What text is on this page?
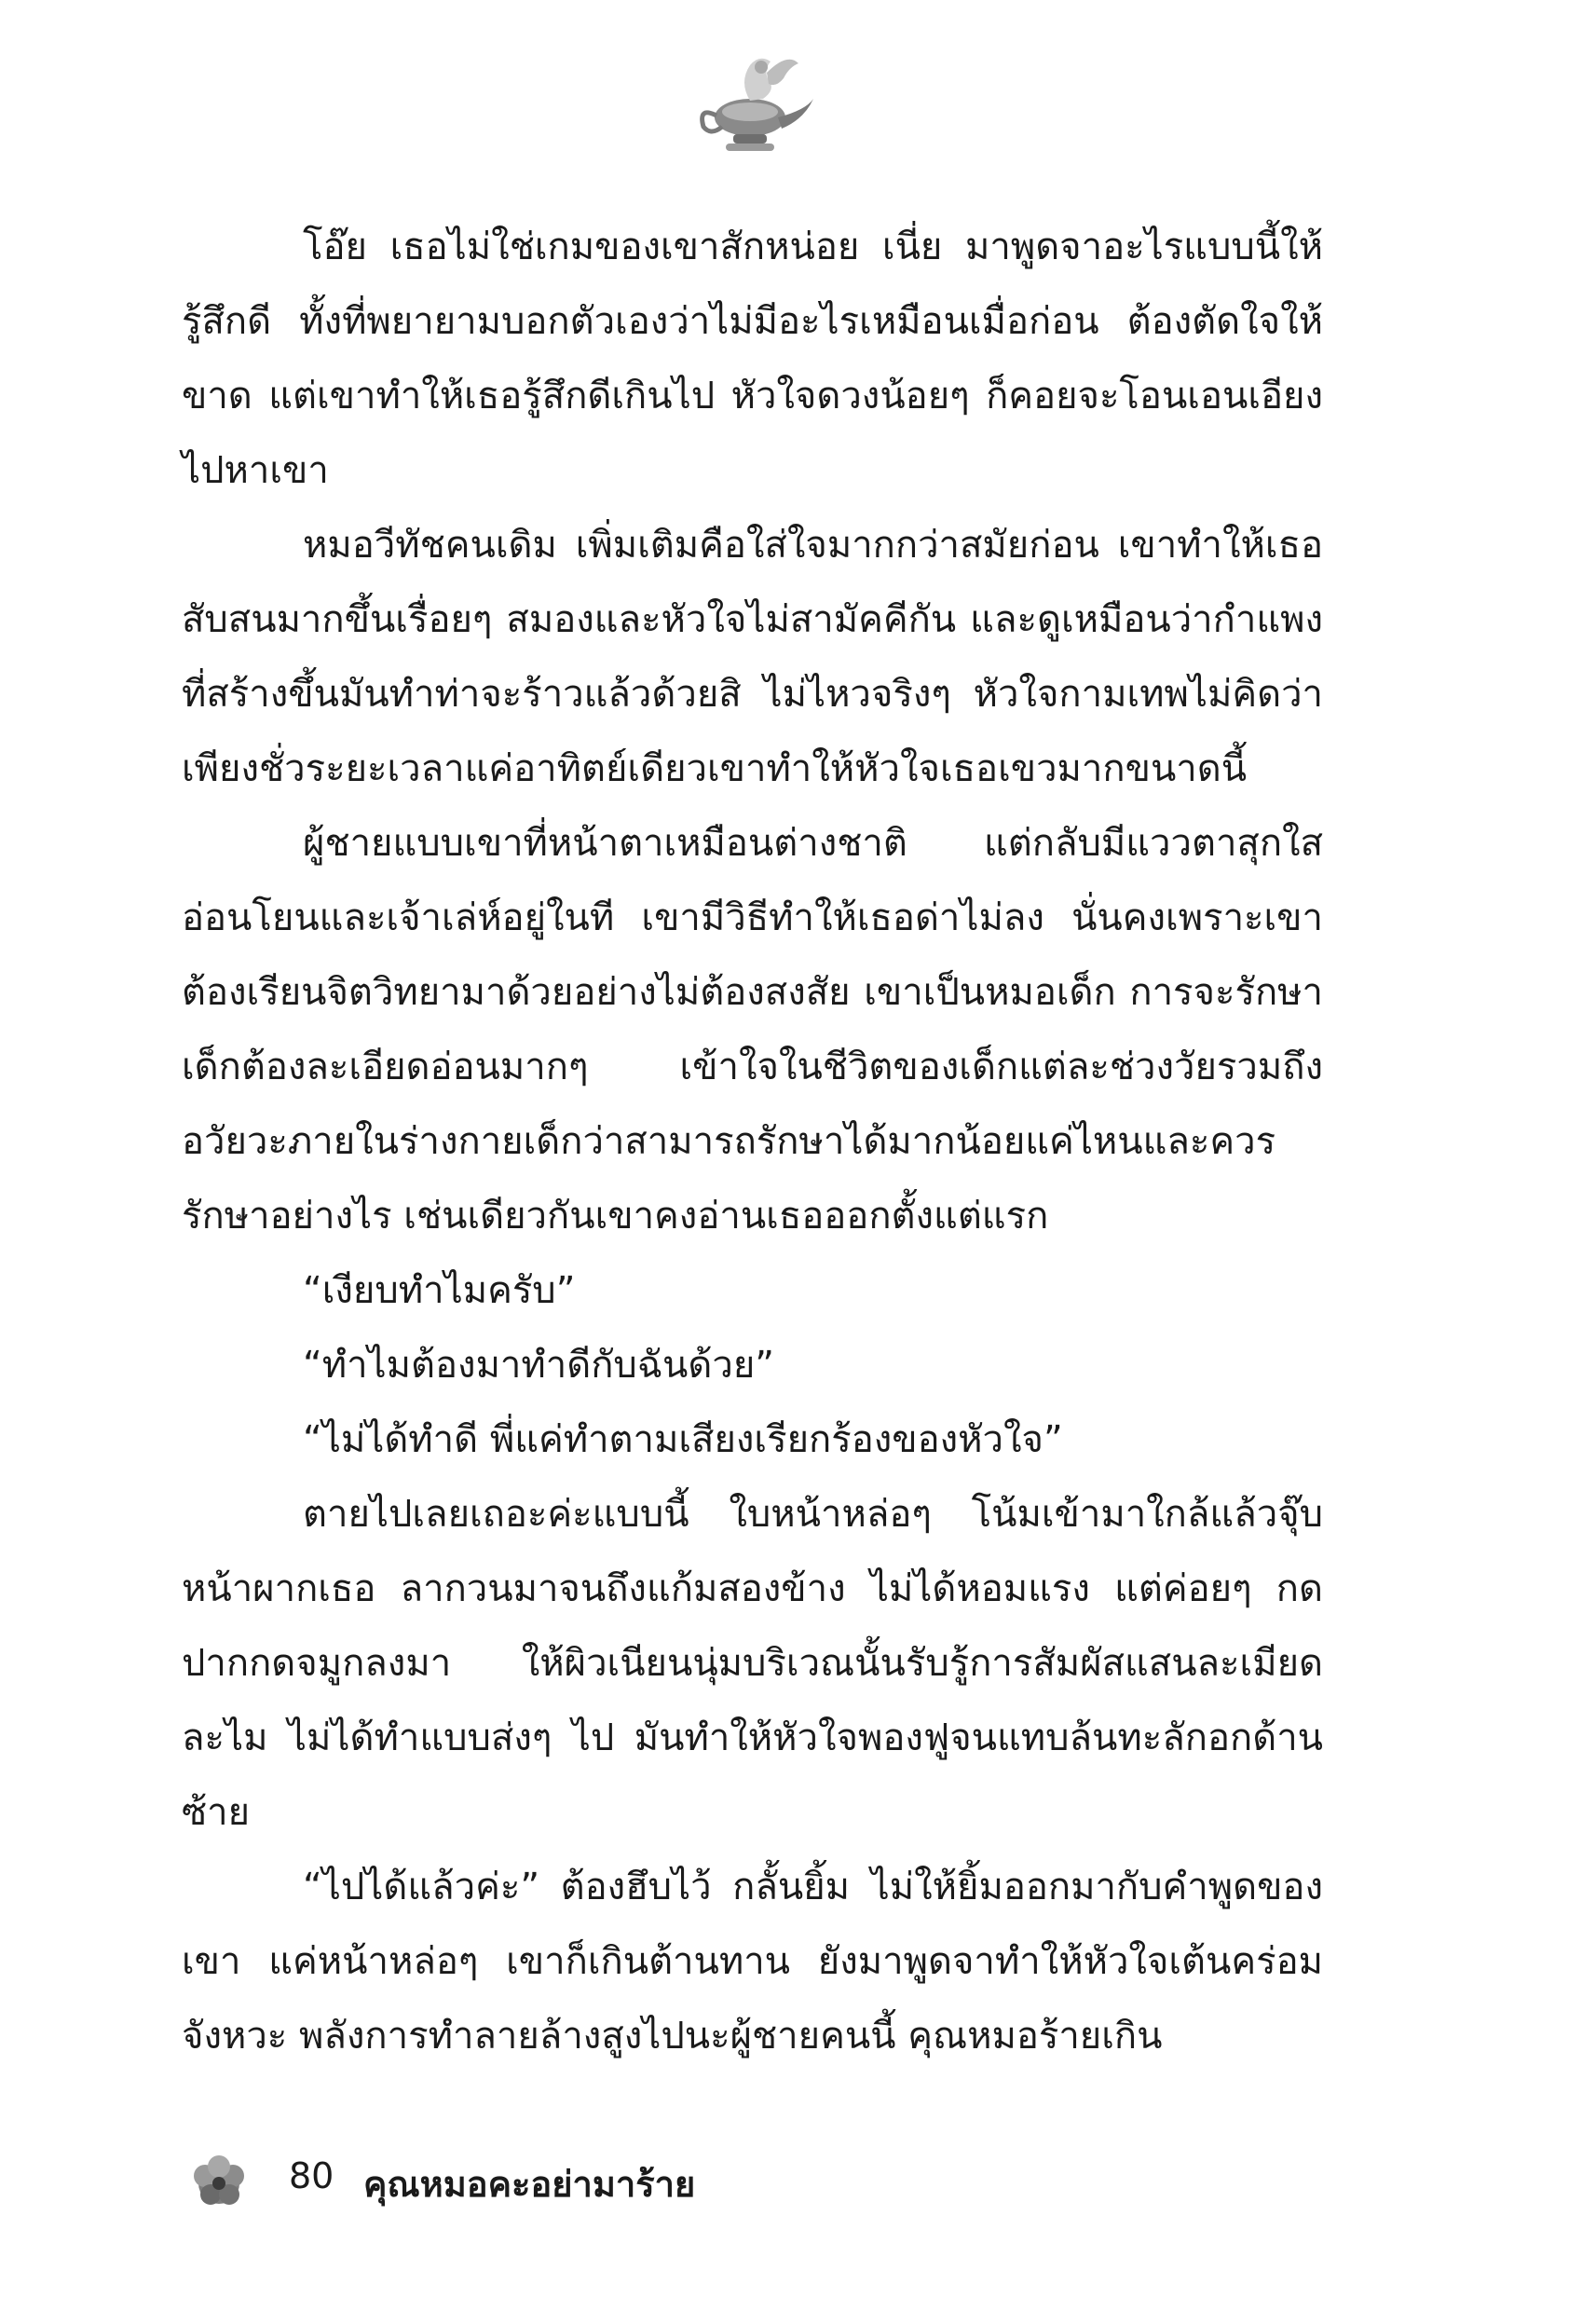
โอ๊ย เธอไม่ใช่เกมของเขาสักหน่อย เนี่ย มาพูดจาอะไรแบบนี้ให้รู้สึกดี ทั้งที่พยายามบอกตัวเองว่าไม่มีอะไรเหมือนเมื่อก่อน ต้องตัดใจให้ขาด แต่เขาทำให้เธอรู้สึกดีเกินไป หัวใจดวงน้อยๆ ก็คอยจะโอนเอนเอียงไปหาเขา

หมอวีทัชคนเดิม เพิ่มเติมคือใส่ใจมากกว่าสมัยก่อน เขาทำให้เธอสับสนมากขึ้นเรื่อยๆ สมองและหัวใจไม่สามัคคีกัน และดูเหมือนว่ากำแพงที่สร้างขึ้นมันทำท่าจะร้าวแล้วด้วยสิ ไม่ไหวจริงๆ หัวใจกามเทพไม่คิดว่าเพียงชั่วระยะเวลาแค่อาทิตย์เดียวเขาทำให้หัวใจเธอเขวมากขนาดนี้

ผู้ชายแบบเขาที่หน้าตาเหมือนต่างชาติ แต่กลับมีแววตาสุกใสอ่อนโยนและเจ้าเล่ห์อยู่ในที เขามีวิธีทำให้เธอด่าไม่ลง นั่นคงเพราะเขาต้องเรียนจิตวิทยามาด้วยอย่างไม่ต้องสงสัย เขาเป็นหมอเด็ก การจะรักษาเด็กต้องละเอียดอ่อนมากๆ เข้าใจในชีวิตของเด็กแต่ละช่วงวัยรวมถึงอวัยวะภายในร่างกายเด็กว่าสามารถรักษาได้มากน้อยแค่ไหนและควรรักษาอย่างไร เช่นเดียวกันเขาคงอ่านเธอออกตั้งแต่แรก

“เงียบทำไมครับ”

“ทำไมต้องมาทำดีกับฉันด้วย”

“ไม่ได้ทำดี พี่แค่ทำตามเสียงเรียกร้องของหัวใจ”

ตายไปเลยเถอะค่ะแบบนี้ ใบหน้าหล่อๆ โน้มเข้ามาใกล้แล้วจุ๊บหน้าผากเธอ ลากวนมาจนถึงแก้มสองข้าง ไม่ได้หอมแรง แต่ค่อยๆ กดปากกดจมูกลงมา ให้ผิวเนียนนุ่มบริเวณนั้นรับรู้การสัมผัสแสนละเมียดละไม ไม่ได้ทำแบบส่งๆ ไป มันทำให้หัวใจพองฟูจนแทบล้นทะลักอกด้านซ้าย

“ไปได้แล้วค่ะ” ต้องฮึบไว้ กลั้นยิ้ม ไม่ให้ยิ้มออกมากับคำพูดของเขา แค่หน้าหล่อๆ เขาก็เกินต้านทาน ยังมาพูดจาทำให้หัวใจเต้นคร่อมจังหวะ พลังการทำลายล้างสูงไปนะผู้ชายคนนี้ คุณหมอร้ายเกิน

80 คุณหมอคะอย่ามาร้าย
